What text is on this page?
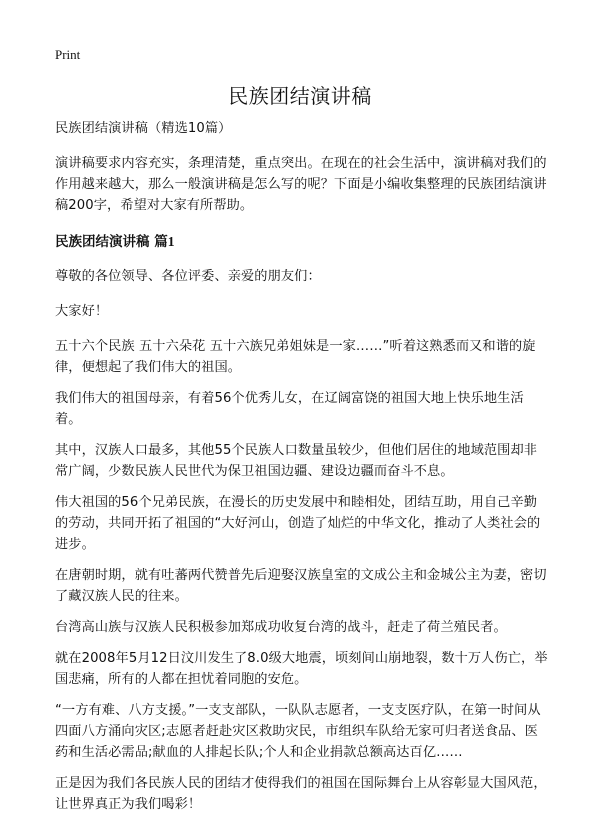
Print
民族团结演讲稿

民族团结演讲稿（精选10篇）

演讲稿要求内容充实，条理清楚，重点突出。在现在的社会生活中，演讲稿对我们的作用越来越大，那么一般演讲稿是怎么写的呢？下面是小编收集整理的民族团结演讲稿200字，希望对大家有所帮助。

民族团结演讲稿 篇1

尊敬的各位领导、各位评委、亲爱的朋友们：

大家好！

五十六个民族 五十六朵花 五十六族兄弟姐妹是一家……”听着这熟悉而又和谐的旋律，便想起了我们伟大的祖国。

我们伟大的祖国母亲，有着56个优秀儿女，在辽阔富饶的祖国大地上快乐地生活着。

其中，汉族人口最多，其他55个民族人口数量虽较少，但他们居住的地域范围却非常广阔，少数民族人民世代为保卫祖国边疆、建设边疆而奋斗不息。

伟大祖国的56个兄弟民族，在漫长的历史发展中和睦相处，团结互助，用自己辛勤的劳动，共同开拓了祖国的“大好河山，创造了灿烂的中华文化，推动了人类社会的进步。

在唐朝时期，就有吐蕃两代赞普先后迎娶汉族皇室的文成公主和金城公主为妻，密切了藏汉族人民的往来。

台湾高山族与汉族人民积极参加郑成功收复台湾的战斗，赶走了荷兰殖民者。

就在2008年5月12日汶川发生了8.0级大地震，顷刻间山崩地裂，数十万人伤亡，举国悲痛，所有的人都在担忧着同胞的安危。

“一方有难、八方支援。”一支支部队，一队队志愿者，一支支医疗队，在第一时间从四面八方涌向灾区;志愿者赶赴灾区救助灾民，市组织车队给无家可归者送食品、医药和生活必需品;献血的人排起长队;个人和企业捐款总额高达百亿……

正是因为我们各民族人民的团结才使得我们的祖国在国际舞台上从容彰显大国风范，让世界真正为我们喝彩！
